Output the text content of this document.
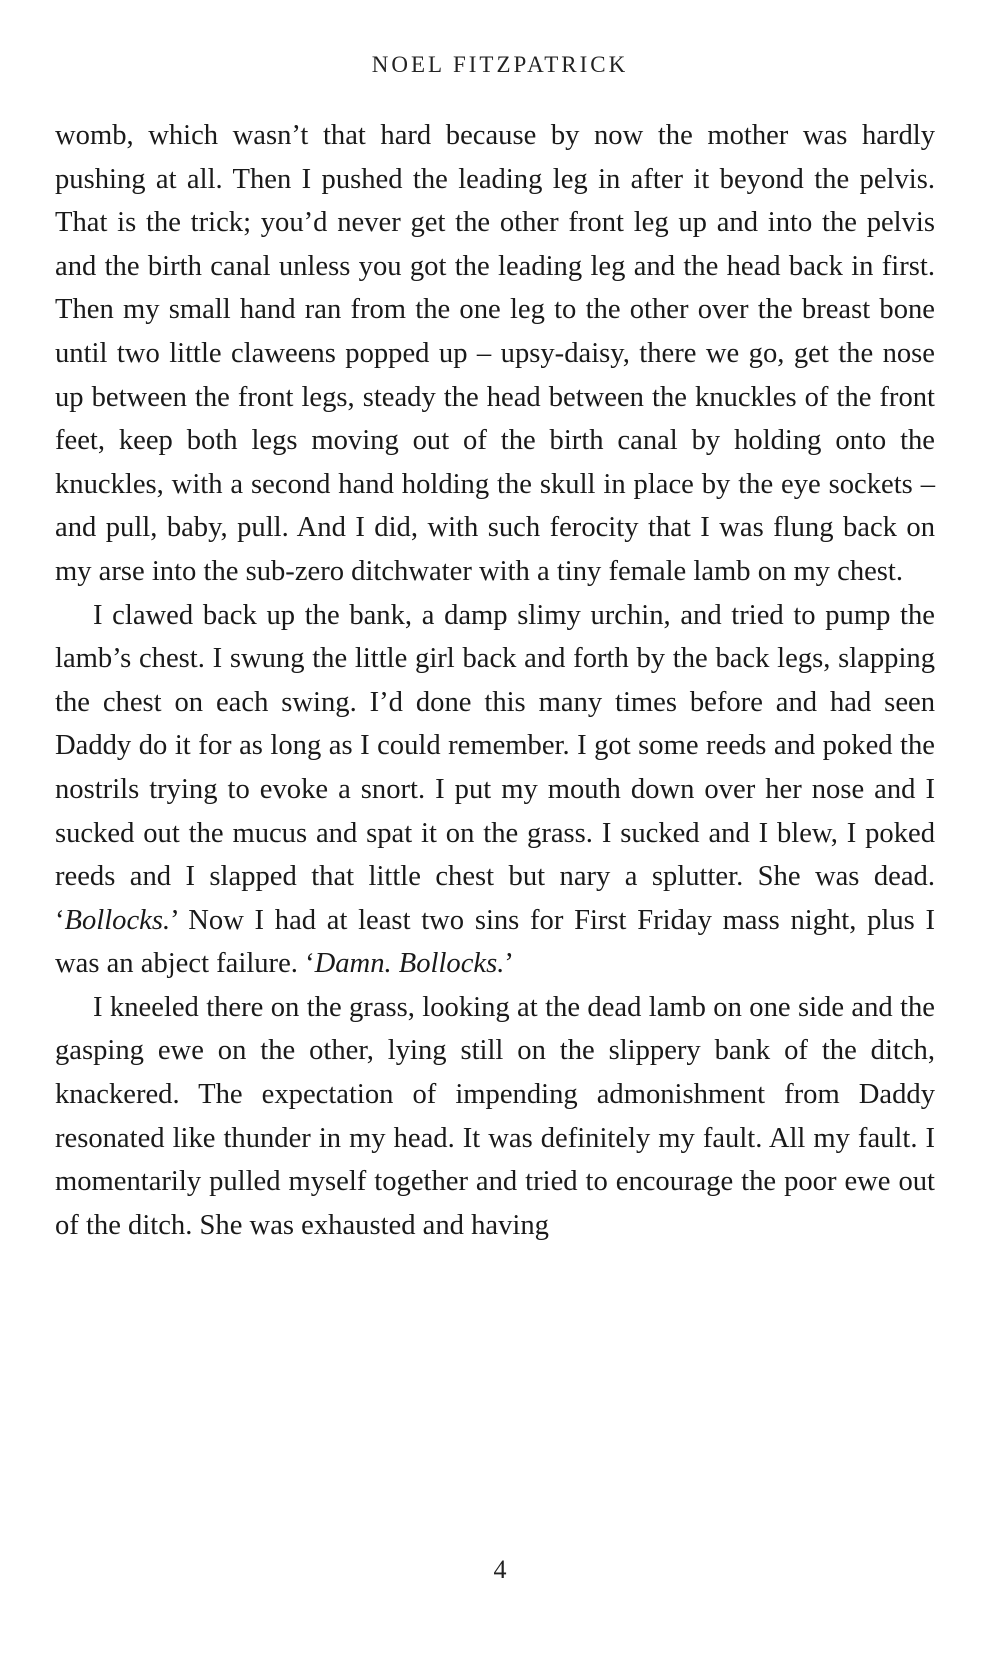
NOEL FITZPATRICK

womb, which wasn’t that hard because by now the mother was hardly pushing at all. Then I pushed the leading leg in after it beyond the pelvis. That is the trick; you’d never get the other front leg up and into the pelvis and the birth canal unless you got the leading leg and the head back in first. Then my small hand ran from the one leg to the other over the breast bone until two little claweens popped up – upsy-daisy, there we go, get the nose up between the front legs, steady the head between the knuckles of the front feet, keep both legs moving out of the birth canal by holding onto the knuckles, with a second hand holding the skull in place by the eye sockets – and pull, baby, pull. And I did, with such ferocity that I was flung back on my arse into the sub-zero ditchwater with a tiny female lamb on my chest.

I clawed back up the bank, a damp slimy urchin, and tried to pump the lamb’s chest. I swung the little girl back and forth by the back legs, slapping the chest on each swing. I’d done this many times before and had seen Daddy do it for as long as I could remember. I got some reeds and poked the nostrils trying to evoke a snort. I put my mouth down over her nose and I sucked out the mucus and spat it on the grass. I sucked and I blew, I poked reeds and I slapped that little chest but nary a splutter. She was dead. ‘Bollocks.’ Now I had at least two sins for First Friday mass night, plus I was an abject failure. ‘Damn. Bollocks.’

I kneeled there on the grass, looking at the dead lamb on one side and the gasping ewe on the other, lying still on the slippery bank of the ditch, knackered. The expectation of impending admonishment from Daddy resonated like thunder in my head. It was definitely my fault. All my fault. I momentarily pulled myself together and tried to encourage the poor ewe out of the ditch. She was exhausted and having

4
